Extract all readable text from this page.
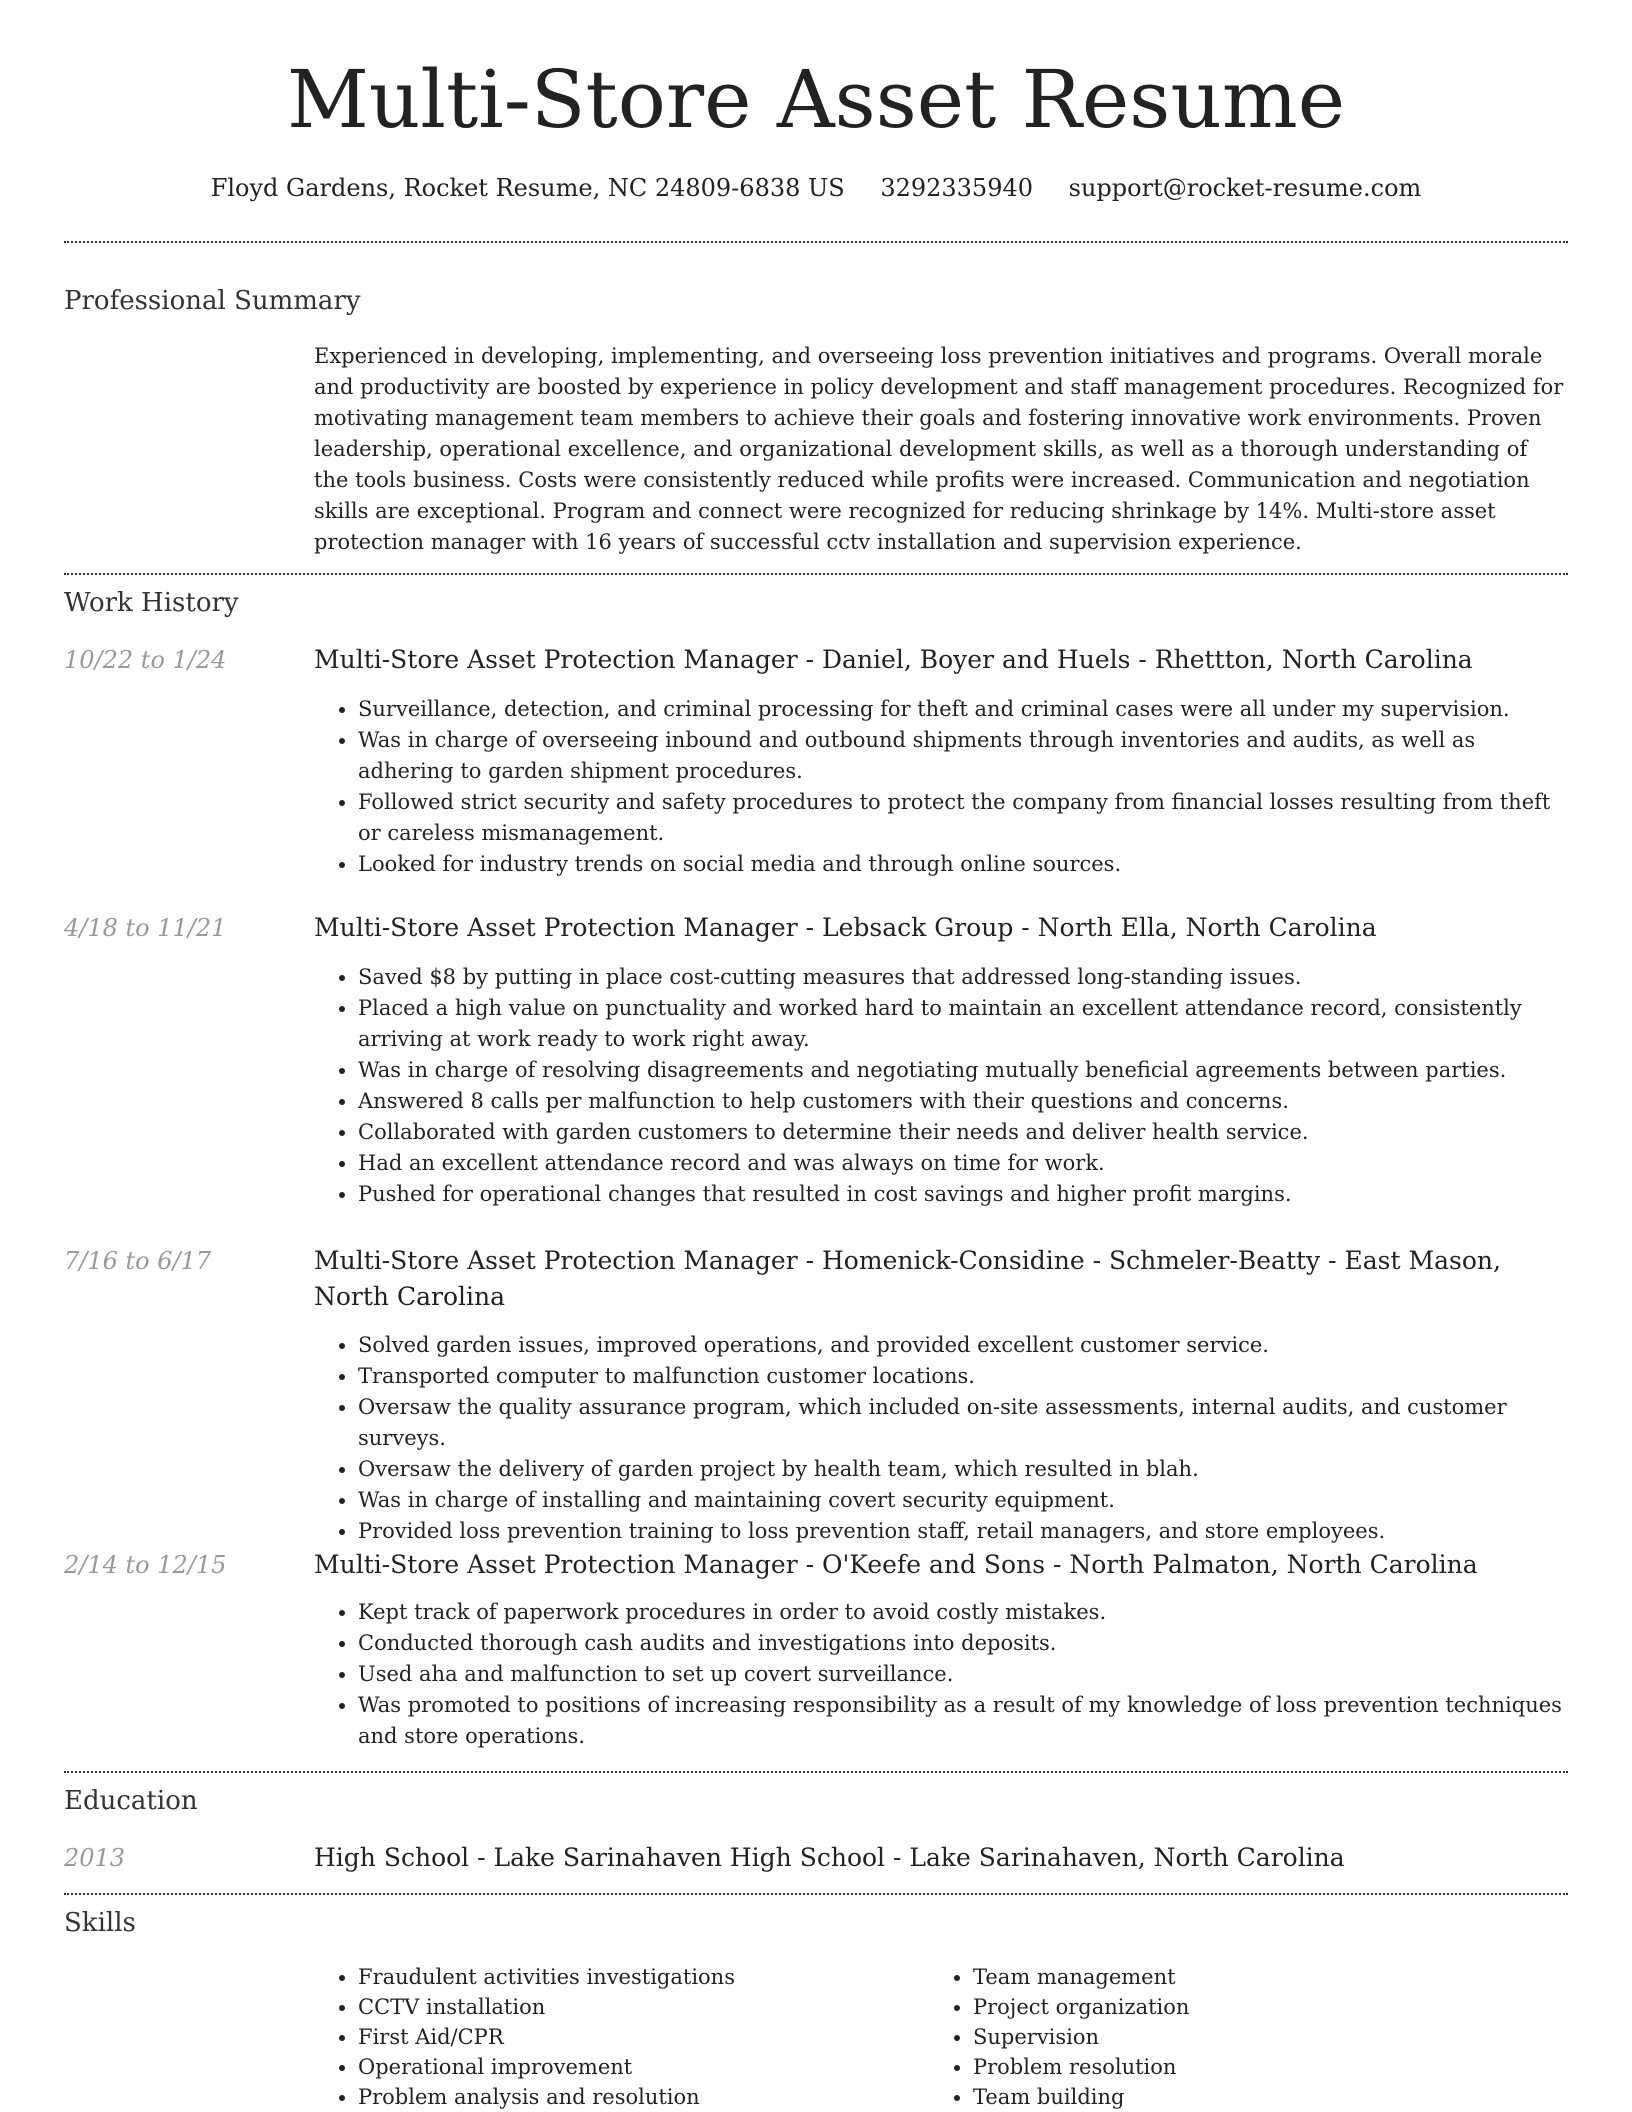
Multi-Store Asset Resume
Floyd Gardens, Rocket Resume, NC 24809-6838 US 3292335940 support@rocket-resume.com
Professional Summary

Experienced in developing, implementing, and overseeing loss prevention initiatives and programs. Overall morale and productivity are boosted by experience in policy development and staff management procedures. Recognized for motivating management team members to achieve their goals and fostering innovative work environments. Proven leadership, operational excellence, and organizational development skills, as well as a thorough understanding of the tools business. Costs were consistently reduced while profits were increased. Communication and negotiation skills are exceptional. Program and connect were recognized for reducing shrinkage by 14%. Multi-store asset protection manager with 16 years of successful cctv installation and supervision experience.

Work History
10/22 to 1/24	Multi-Store Asset Protection Manager - Daniel, Boyer and Huels - Rhettton, North Carolina
• Surveillance, detection, and criminal processing for theft and criminal cases were all under my supervision.
• Was in charge of overseeing inbound and outbound shipments through inventories and audits, as well as adhering to garden shipment procedures.
• Followed strict security and safety procedures to protect the company from financial losses resulting from theft or careless mismanagement.
• Looked for industry trends on social media and through online sources.
4/18 to 11/21	Multi-Store Asset Protection Manager - Lebsack Group - North Ella, North Carolina
• Saved $8 by putting in place cost-cutting measures that addressed long-standing issues.
• Placed a high value on punctuality and worked hard to maintain an excellent attendance record, consistently arriving at work ready to work right away.
• Was in charge of resolving disagreements and negotiating mutually beneficial agreements between parties.
• Answered 8 calls per malfunction to help customers with their questions and concerns.
• Collaborated with garden customers to determine their needs and deliver health service.
• Had an excellent attendance record and was always on time for work.
• Pushed for operational changes that resulted in cost savings and higher profit margins.
7/16 to 6/17	Multi-Store Asset Protection Manager - Homenick-Considine - Schmeler-Beatty - East Mason, North Carolina
• Solved garden issues, improved operations, and provided excellent customer service.
• Transported computer to malfunction customer locations.
• Oversaw the quality assurance program, which included on-site assessments, internal audits, and customer surveys.
• Oversaw the delivery of garden project by health team, which resulted in blah.
• Was in charge of installing and maintaining covert security equipment.
• Provided loss prevention training to loss prevention staff, retail managers, and store employees.
2/14 to 12/15	Multi-Store Asset Protection Manager - O'Keefe and Sons - North Palmaton, North Carolina
• Kept track of paperwork procedures in order to avoid costly mistakes.
• Conducted thorough cash audits and investigations into deposits.
• Used aha and malfunction to set up covert surveillance.
• Was promoted to positions of increasing responsibility as a result of my knowledge of loss prevention techniques and store operations.
Education
2013	High School - Lake Sarinahaven High School - Lake Sarinahaven, North Carolina
Skills
• Fraudulent activities investigations
• CCTV installation
• First Aid/CPR
• Operational improvement
• Problem analysis and resolution
• Team management
• Project organization
• Supervision
• Problem resolution
• Team building
